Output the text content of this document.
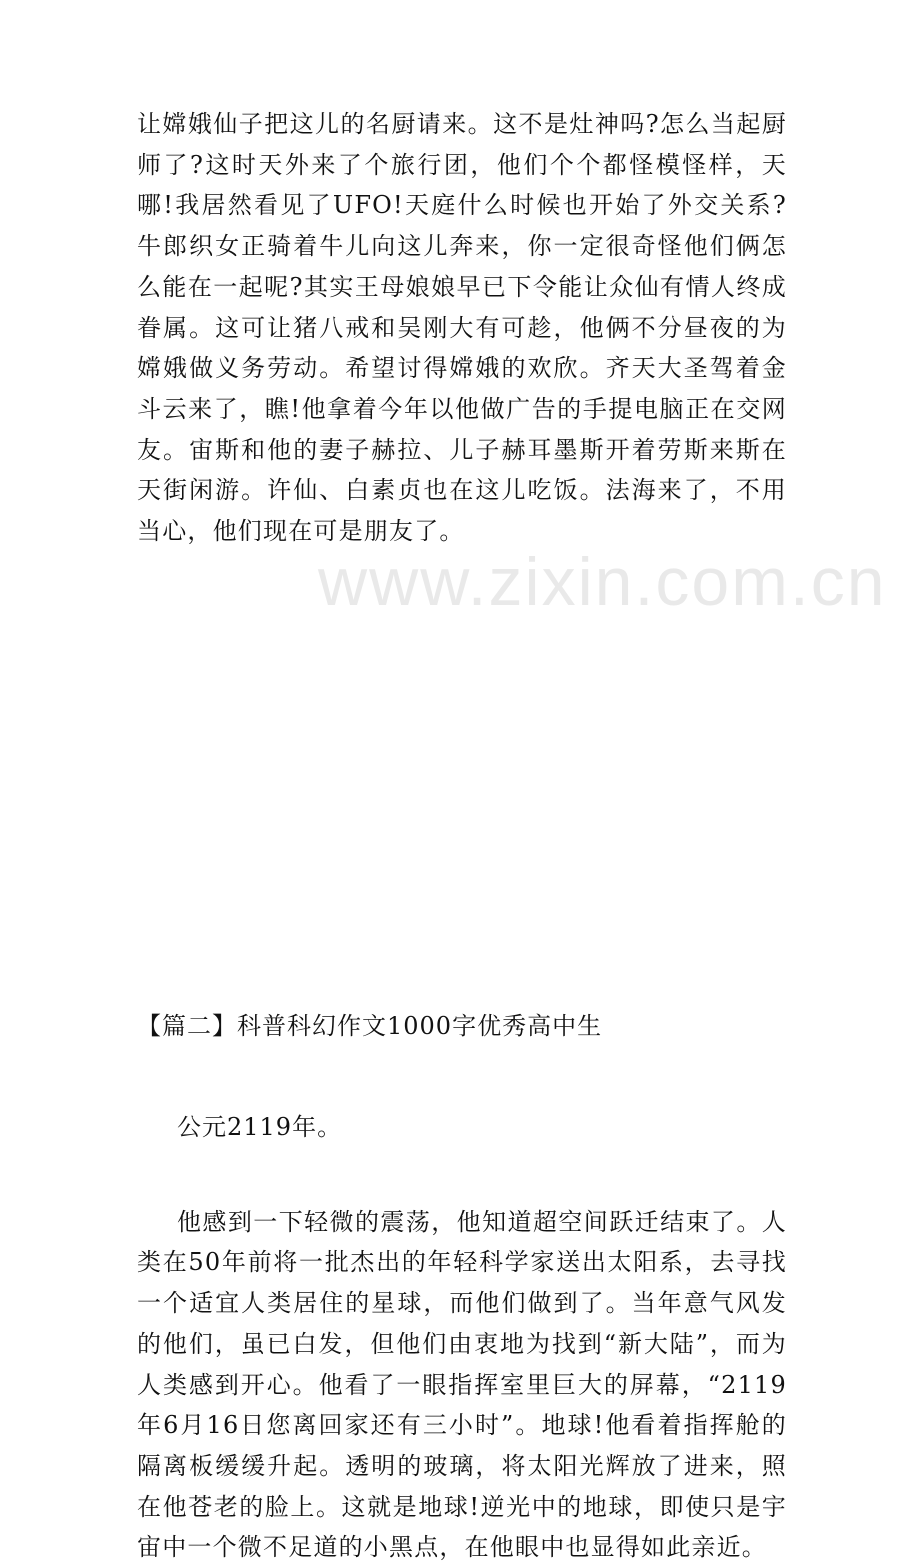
www.zixin.com.cn

让嫦娥仙子把这儿的名厨请来。这不是灶神吗?怎么当起厨师了?这时天外来了个旅行团，他们个个都怪模怪样，天哪!我居然看见了UFO!天庭什么时候也开始了外交关系?牛郎织女正骑着牛儿向这儿奔来，你一定很奇怪他们俩怎么能在一起呢?其实王母娘娘早已下令能让众仙有情人终成眷属。这可让猪八戒和吴刚大有可趁，他俩不分昼夜的为嫦娥做义务劳动。希望讨得嫦娥的欢欣。齐天大圣驾着金斗云来了，瞧!他拿着今年以他做广告的手提电脑正在交网友。宙斯和他的妻子赫拉、儿子赫耳墨斯开着劳斯来斯在天街闲游。许仙、白素贞也在这儿吃饭。法海来了，不用当心，他们现在可是朋友了。

【篇二】科普科幻作文1000字优秀高中生

公元2119年。

他感到一下轻微的震荡，他知道超空间跃迁结束了。人类在50年前将一批杰出的年轻科学家送出太阳系，去寻找一个适宜人类居住的星球，而他们做到了。当年意气风发的他们，虽已白发，但他们由衷地为找到“新大陆”，而为人类感到开心。他看了一眼指挥室里巨大的屏幕，“2119年6月16日您离回家还有三小时”。地球!他看着指挥舱的隔离板缓缓升起。透明的玻璃，将太阳光辉放了进来，照在他苍老的脸上。这就是地球!逆光中的地球，即使只是宇宙中一个微不足道的小黑点，在他眼中也显得如此亲近。
